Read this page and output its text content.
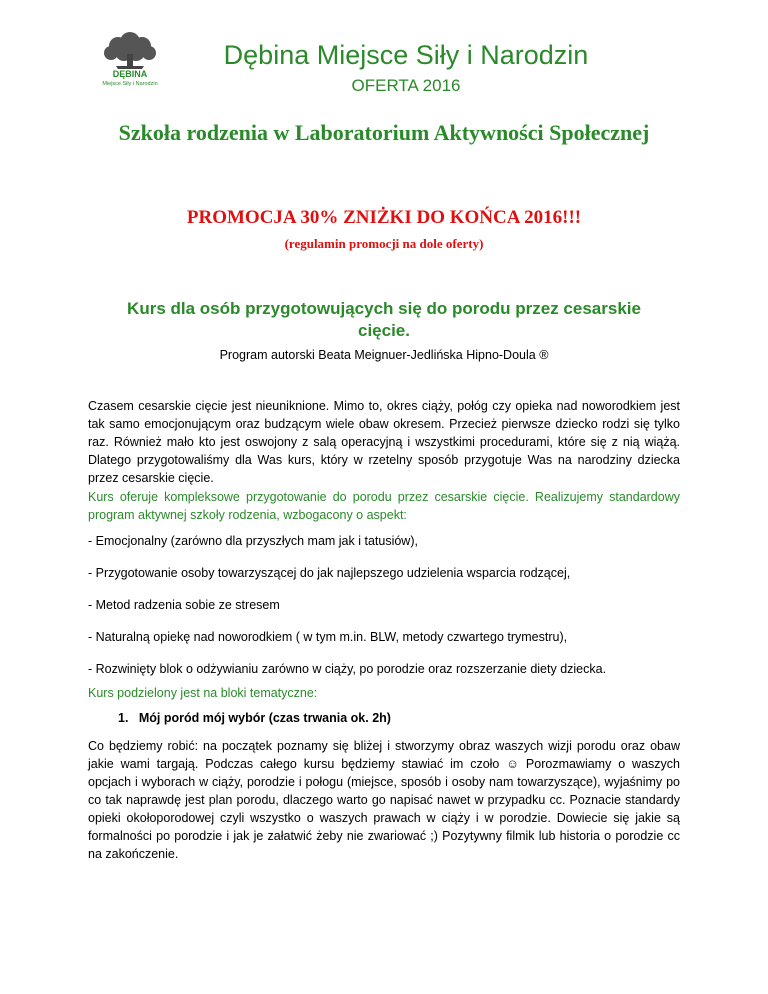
DĘBINA
Miejsce Siły i Narodzin
Dębina Miejsce Siły i Narodzin
OFERTA 2016
Szkoła rodzenia w Laboratorium Aktywności Społecznej
PROMOCJA 30% ZNIŻKI DO KOŃCA 2016!!!
(regulamin promocji na dole oferty)
Kurs dla osób przygotowujących się do porodu przez cesarskie cięcie.
Program autorski Beata Meignuer-Jedlińska Hipno-Doula ®

Czasem cesarskie cięcie jest nieuniknione. Mimo to, okres ciąży, połóg czy opieka nad noworodkiem jest tak samo emocjonującym oraz budzącym wiele obaw okresem. Przecież pierwsze dziecko rodzi się tylko raz. Również mało kto jest oswojony z salą operacyjną i wszystkimi procedurami, które się z nią wiążą. Dlatego przygotowaliśmy dla Was kurs, który w rzetelny sposób przygotuje Was na narodziny dziecka przez cesarskie cięcie.

Kurs oferuje kompleksowe przygotowanie do porodu przez cesarskie cięcie. Realizujemy standardowy program aktywnej szkoły rodzenia, wzbogacony o aspekt:

- Emocjonalny (zarówno dla przyszłych mam jak i tatusiów),

- Przygotowanie osoby towarzyszącej do jak najlepszego udzielenia wsparcia rodzącej,

- Metod radzenia sobie ze stresem

- Naturalną opiekę nad noworodkiem ( w tym m.in. BLW, metody czwartego trymestru),

- Rozwinięty blok o odżywianiu zarówno w ciąży, po porodzie oraz rozszerzanie diety dziecka.

Kurs podzielony jest na bloki tematyczne:

1.   Mój poród mój wybór (czas trwania ok. 2h)

Co będziemy robić: na początek poznamy się bliżej i stworzymy obraz waszych wizji porodu oraz obaw jakie wami targają. Podczas całego kursu będziemy stawiać im czoło ☺ Porozmawiamy o waszych opcjach i wyborach w ciąży, porodzie i połogu (miejsce, sposób i osoby nam towarzyszące), wyjaśnimy po co tak naprawdę jest plan porodu, dlaczego warto go napisać nawet w przypadku cc. Poznacie standardy opieki okołoporodowej czyli wszystko o waszych prawach w ciąży i w porodzie. Dowiecie się jakie są formalności po porodzie i jak je załatwić żeby nie zwariować ;) Pozytywny filmik lub historia o porodzie cc na zakończenie.
